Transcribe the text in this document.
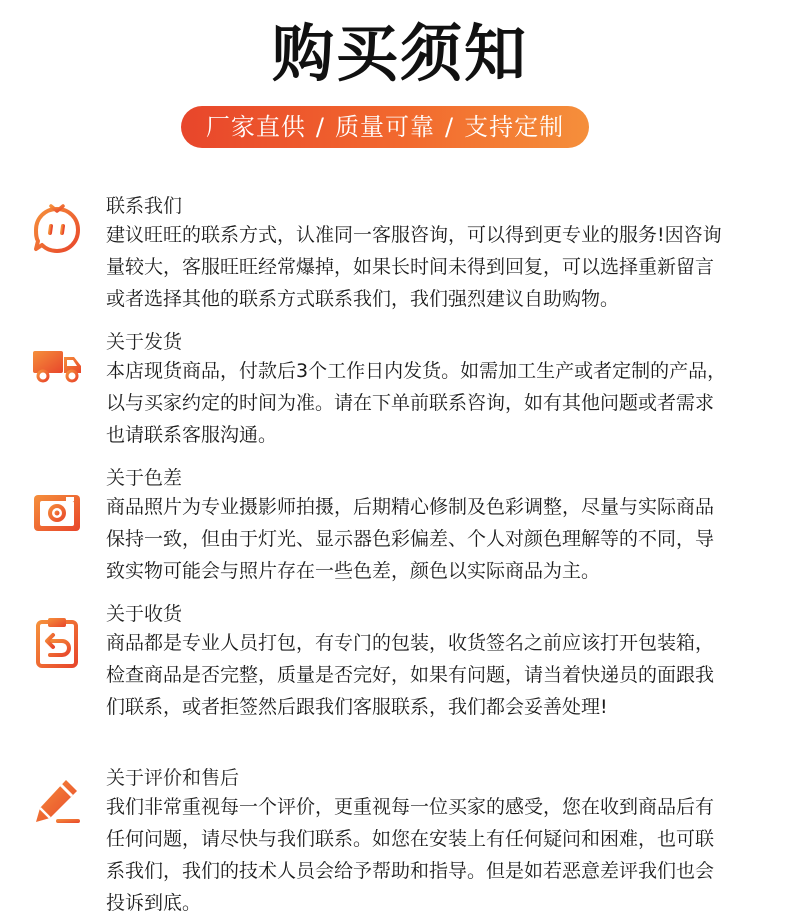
购买须知
厂家直供 / 质量可靠 / 支持定制
联系我们
建议旺旺的联系方式，认准同一客服咨询，可以得到更专业的服务!因咨询
量较大，客服旺旺经常爆掉，如果长时间未得到回复，可以选择重新留言
或者选择其他的联系方式联系我们，我们强烈建议自助购物。
关于发货
本店现货商品，付款后3个工作日内发货。如需加工生产或者定制的产品，
以与买家约定的时间为准。请在下单前联系咨询，如有其他问题或者需求
也请联系客服沟通。
关于色差
商品照片为专业摄影师拍摄，后期精心修制及色彩调整，尽量与实际商品
保持一致，但由于灯光、显示器色彩偏差、个人对颜色理解等的不同，导
致实物可能会与照片存在一些色差，颜色以实际商品为主。
关于收货
商品都是专业人员打包，有专门的包装，收货签名之前应该打开包装箱，
检查商品是否完整，质量是否完好，如果有问题，请当着快递员的面跟我
们联系，或者拒签然后跟我们客服联系，我们都会妥善处理!
关于评价和售后
我们非常重视每一个评价，更重视每一位买家的感受，您在收到商品后有
任何问题，请尽快与我们联系。如您在安装上有任何疑问和困难，也可联
系我们，我们的技术人员会给予帮助和指导。但是如若恶意差评我们也会
投诉到底。
